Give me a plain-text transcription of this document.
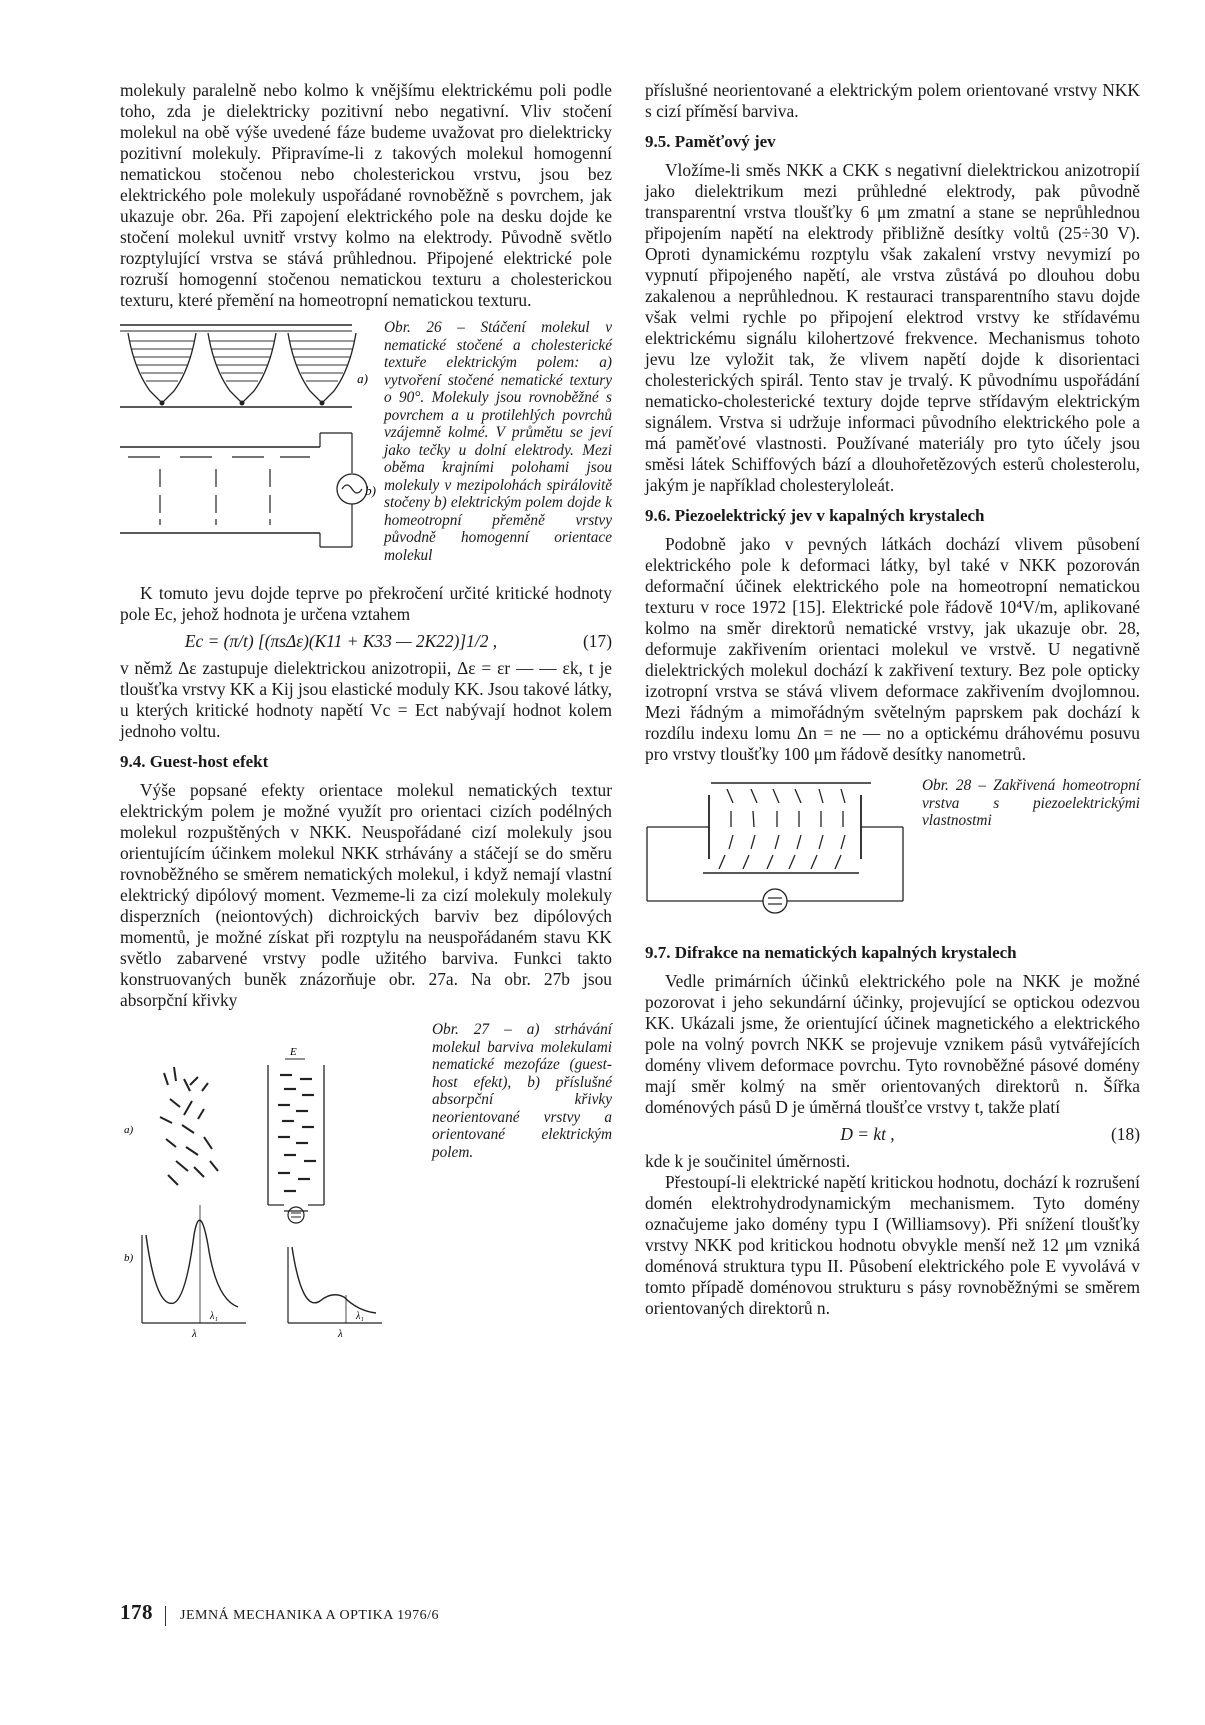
molekuly paralelně nebo kolmo k vnějšímu elektrickému poli podle toho, zda je dielektricky pozitivní nebo negativní. Vliv stočení molekul na obě výše uvedené fáze budeme uvažovat pro dielektricky pozitivní molekuly. Připravíme-li z takových molekul homogenní nematickou stočenou nebo cholesterickou vrstvu, jsou bez elektrického pole molekuly uspořádané rovnoběžně s povrchem, jak ukazuje obr. 26a. Při zapojení elektrického pole na desku dojde ke stočení molekul uvnitř vrstvy kolmo na elektrody. Původně světlo rozptylující vrstva se stává průhlednou. Připojené elektrické pole rozruší homogenní stočenou nematickou texturu a cholesterickou texturu, které přemění na homeotropní nematickou texturu.

a)
b)
Obr. 26 – Stáčení molekul v nematické stočené a cholesterické textuře elektrickým polem: a) vytvoření stočené nematické textury o 90°. Molekuly jsou rovnoběžné s povrchem a u protilehlých povrchů vzájemně kolmé. V průmětu se jeví jako tečky u dolní elektrody. Mezi oběma krajními polohami jsou molekuly v mezipolohách spirálovitě stočeny b) elektrickým polem dojde k homeotropní přeměně vrstvy původně homogenní orientace molekul

K tomuto jevu dojde teprve po překročení určité kritické hodnoty pole Ec, jehož hodnota je určena vztahem

Ec = (π/t) [(πsΔε)(K11 + K33 — 2K22)]1/2 ,	(17)

v němž Δε zastupuje dielektrickou anizotropii, Δε = εr — — εk, t je tloušťka vrstvy KK a Kij jsou elastické moduly KK. Jsou takové látky, u kterých kritické hodnoty napětí Vc = Ect nabývají hodnot kolem jednoho voltu.

9.4. Guest-host efekt

Výše popsané efekty orientace molekul nematických textur elektrickým polem je možné využít pro orientaci cizích podélných molekul rozpuštěných v NKK. Neuspořádané cizí molekuly jsou orientujícím účinkem molekul NKK strhávány a stáčejí se do směru rovnoběžného se směrem nematických molekul, i když nemají vlastní elektrický dipólový moment. Vezmeme-li za cizí molekuly molekuly disperzních (neiontových) dichroických barviv bez dipólových momentů, je možné získat při rozptylu na neuspořádaném stavu KK světlo zabarvené vrstvy podle užitého barviva. Funkci takto konstruovaných buněk znázorňuje obr. 27a. Na obr. 27b jsou absorpční křivky

a)
E
b)
λ₁
λ
λ₁
λ
Obr. 27 – a) strhávání molekul barviva molekulami nematické mezofáze (guest-host efekt), b) příslušné absorpční křivky neorientované vrstvy a orientované elektrickým polem.

příslušné neorientované a elektrickým polem orientované vrstvy NKK s cizí příměsí barviva.

9.5. Paměťový jev

Vložíme-li směs NKK a CKK s negativní dielektrickou anizotropií jako dielektrikum mezi průhledné elektrody, pak původně transparentní vrstva tloušťky 6 μm zmatní a stane se neprůhlednou připojením napětí na elektrody přibližně desítky voltů (25÷30 V). Oproti dynamickému rozptylu však zakalení vrstvy nevymizí po vypnutí připojeného napětí, ale vrstva zůstává po dlouhou dobu zakalenou a neprůhlednou. K restauraci transparentního stavu dojde však velmi rychle po připojení elektrod vrstvy ke střídavému elektrickému signálu kilohertzové frekvence. Mechanismus tohoto jevu lze vyložit tak, že vlivem napětí dojde k disorientaci cholesterických spirál. Tento stav je trvalý. K původnímu uspořádání nematicko-cholesterické textury dojde teprve střídavým elektrickým signálem. Vrstva si udržuje informaci původního elektrického pole a má paměťové vlastnosti. Používané materiály pro tyto účely jsou směsi látek Schiffových bází a dlouhořetězových esterů cholesterolu, jakým je například cholesteryloleát.

9.6. Piezoelektrický jev v kapalných krystalech

Podobně jako v pevných látkách dochází vlivem působení elektrického pole k deformaci látky, byl také v NKK pozorován deformační účinek elektrického pole na homeotropní nematickou texturu v roce 1972 [15]. Elektrické pole řádově 10⁴V/m, aplikované kolmo na směr direktorů nematické vrstvy, jak ukazuje obr. 28, deformuje zakřivením orientaci molekul ve vrstvě. U negativně dielektrických molekul dochází k zakřivení textury. Bez pole opticky izotropní vrstva se stává vlivem deformace zakřivením dvojlomnou. Mezi řádným a mimořádným světelným paprskem pak dochází k rozdílu indexu lomu Δn = ne — no a optickému dráhovému posuvu pro vrstvy tloušťky 100 μm řádově desítky nanometrů.

Obr. 28 – Zakřivená homeotropní vrstva s piezoelektrickými vlastnostmi
9.7. Difrakce na nematických kapalných krystalech

Vedle primárních účinků elektrického pole na NKK je možné pozorovat i jeho sekundární účinky, projevující se optickou odezvou KK. Ukázali jsme, že orientující účinek magnetického a elektrického pole na volný povrch NKK se projevuje vznikem pásů vytvářejících domény vlivem deformace povrchu. Tyto rovnoběžné pásové domény mají směr kolmý na směr orientovaných direktorů n. Šířka doménových pásů D je úměrná tloušťce vrstvy t, takže platí

D = kt ,	(18)

kde k je součinitel úměrnosti.

Přestoupí-li elektrické napětí kritickou hodnotu, dochází k rozrušení domén elektrohydrodynamickým mechanismem. Tyto domény označujeme jako domény typu I (Williamsovy). Při snížení tloušťky vrstvy NKK pod kritickou hodnotu obvykle menší než 12 μm vzniká doménová struktura typu II. Působení elektrického pole E vyvolává v tomto případě doménovou strukturu s pásy rovnoběžnými se směrem orientovaných direktorů n.

178 JEMNÁ MECHANIKA A OPTIKA 1976/6
